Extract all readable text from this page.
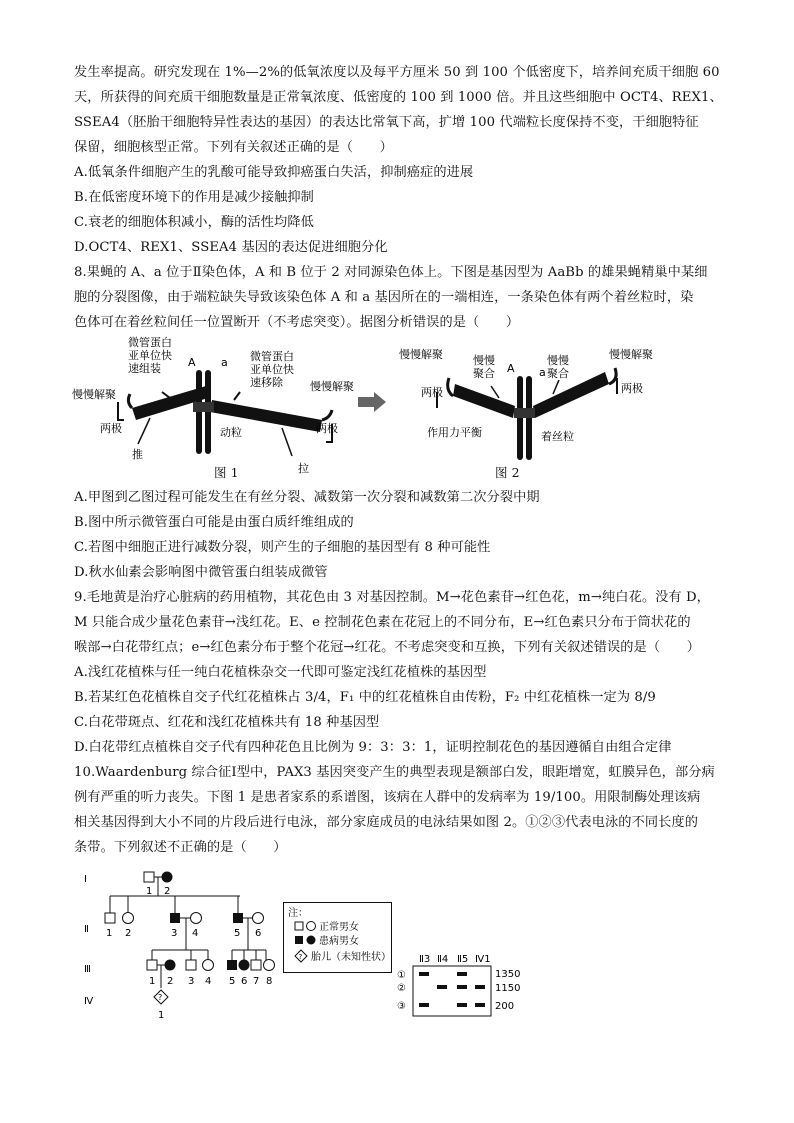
发生率提高。研究发现在 1%—2%的低氧浓度以及每平方厘米 50 到 100 个低密度下，培养间充质干细胞 60
天，所获得的间充质干细胞数量是正常氧浓度、低密度的 100 到 1000 倍。并且这些细胞中 OCT4、REX1、
SSEA4（胚胎干细胞特异性表达的基因）的表达比常氧下高，扩增 100 代端粒长度保持不变，干细胞特征
保留，细胞核型正常。下列有关叙述正确的是（　　）
A.低氧条件细胞产生的乳酸可能导致抑癌蛋白失活，抑制癌症的进展
B.在低密度环境下的作用是减少接触抑制
C.衰老的细胞体积减小，酶的活性均降低
D.OCT4、REX1、SSEA4 基因的表达促进细胞分化
8.果蝇的 A、a 位于Ⅱ染色体，A 和 B 位于 2 对同源染色体上。下图是基因型为 AaBb 的雄果蝇精巢中某细
胞的分裂图像，由于端粒缺失导致该染色体 A 和 a 基因所在的一端相连，一条染色体有两个着丝粒时，染
色体可在着丝粒间任一位置断开（不考虑突变）。据图分析错误的是（　　）
微管蛋白
亚单位快
速组装
微管蛋白
亚单位快
速移除
A a
慢慢解聚
慢慢解聚
两极	两极
推
动粒
拉
慢慢解聚	慢慢解聚
慢慢
聚合
慢慢
聚合
A a
两极	两极
作用力平衡	着丝粒
图 1	图 2
A.甲图到乙图过程可能发生在有丝分裂、减数第一次分裂和减数第二次分裂中期
B.图中所示微管蛋白可能是由蛋白质纤维组成的
C.若图中细胞正进行减数分裂，则产生的子细胞的基因型有 8 种可能性
D.秋水仙素会影响图中微管蛋白组装成微管
9.毛地黄是治疗心脏病的药用植物，其花色由 3 对基因控制。M→花色素苷→红色花，m→纯白花。没有 D，
M 只能合成少量花色素苷→浅红花。E、e 控制花色素在花冠上的不同分布，E→红色素只分布于筒状花的
喉部→白花带红点；e→红色素分布于整个花冠→红花。不考虑突变和互换，下列有关叙述错误的是（　　）
A.浅红花植株与任一纯白花植株杂交一代即可鉴定浅红花植株的基因型
B.若某红色花植株自交子代红花植株占 3/4，F₁ 中的红花植株自由传粉，F₂ 中红花植株一定为 8/9
C.白花带斑点、红花和浅红花植株共有 18 种基因型
D.白花带红点植株自交子代有四种花色且比例为 9：3：3：1，证明控制花色的基因遵循自由组合定律
10.Waardenburg 综合征Ⅰ型中，PAX3 基因突变产生的典型表现是额部白发，眼距增宽，虹膜异色，部分病
例有严重的听力丧失。下图 1 是患者家系的系谱图，该病在人群中的发病率为 19/100。用限制酶处理该病
相关基因得到大小不同的片段后进行电泳，部分家庭成员的电泳结果如图 2。①②③代表电泳的不同长度的
条带。下列叙述不正确的是（　　）
Ⅰ
Ⅱ
Ⅲ
Ⅳ
1 2
1 2	3 4	5 6
1 2 3 4 5 6 7 8
?
1
注：
正常男女
患病男女
? 胎儿（未知性状）	Ⅱ3 Ⅱ4 Ⅱ5 Ⅳ1
①
②
③
1350
1150
200
